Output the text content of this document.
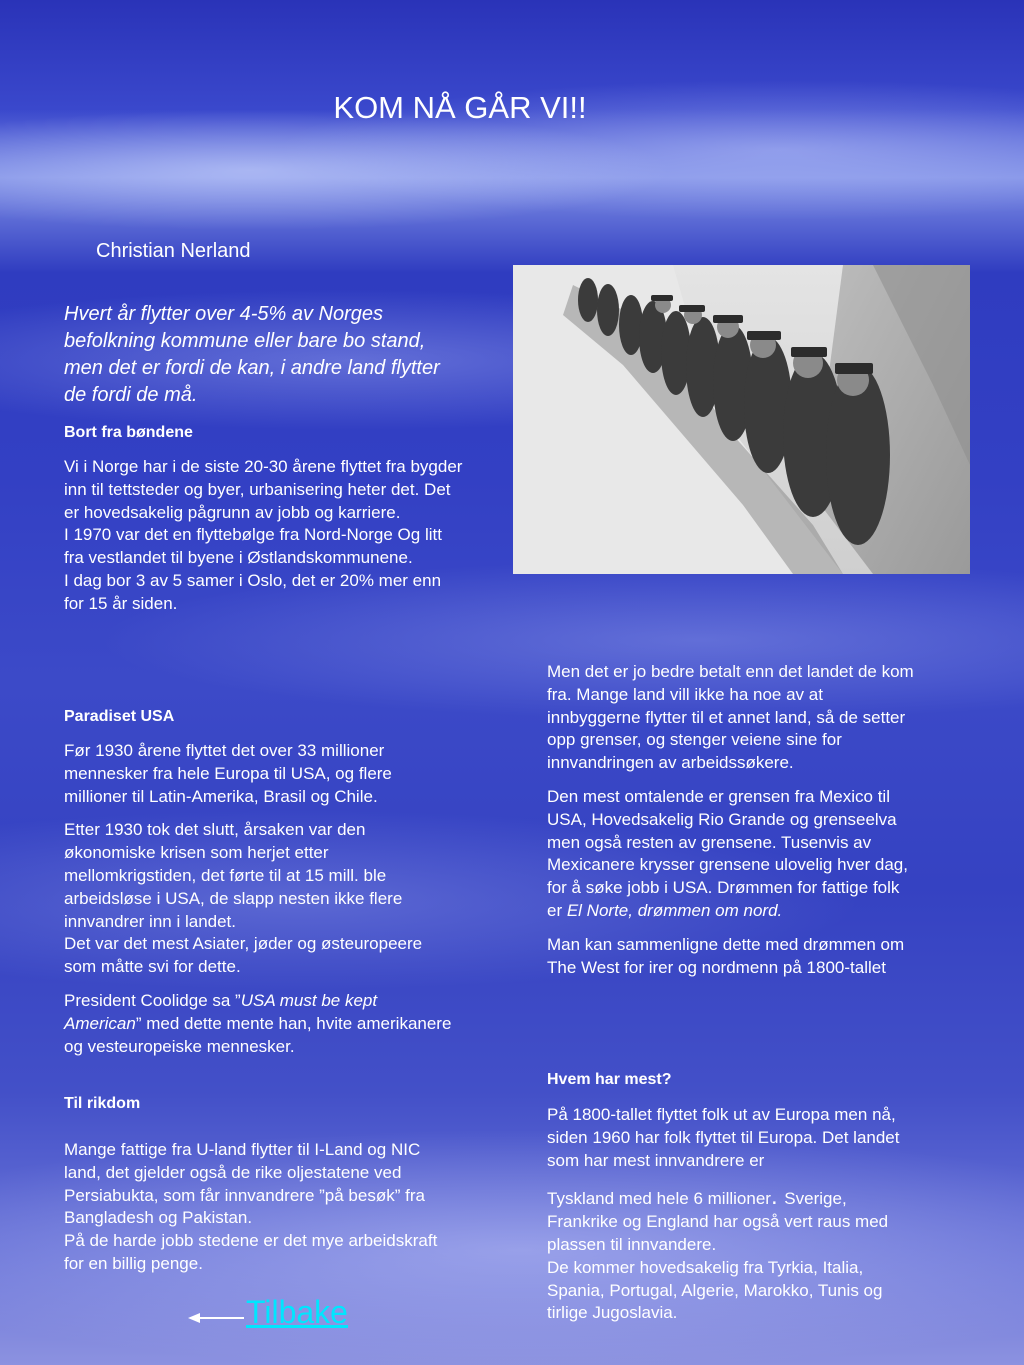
KOM NÅ GÅR VI!!
Christian Nerland
Hvert år flytter over 4-5% av Norges befolkning kommune eller bare bo stand, men det er fordi de kan, i andre land flytter de fordi de må.
Bort fra bøndene

Vi i Norge har i de siste 20-30 årene flyttet fra bygder inn til tettsteder og byer, urbanisering heter det. Det er hovedsakelig pågrunn av jobb og karriere.

I 1970 var det en flyttebølge fra Nord-Norge Og litt fra vestlandet til byene i Østlandskommunene.

I dag bor 3 av 5 samer i Oslo, det er 20% mer enn for 15 år siden.

Paradiset USA

Før 1930 årene flyttet det over 33 millioner mennesker fra hele Europa til USA, og flere millioner til Latin-Amerika, Brasil og Chile.

Etter 1930 tok det slutt, årsaken var den økonomiske krisen som herjet etter mellomkrigstiden, det førte til at 15 mill. ble arbeidsløse i USA, de slapp nesten ikke flere innvandrer inn i landet.

Det var det mest Asiater, jøder og østeuropeere som måtte svi for dette.

President Coolidge sa ”USA must be kept American” med dette mente han, hvite amerikanere og vesteuropeiske mennesker.

Til rikdom

Mange fattige fra U-land flytter til I-Land og NIC land, det gjelder også de rike oljestatene ved Persiabukta, som får innvandrere ”på besøk” fra Bangladesh og Pakistan.

På de harde jobb stedene er det mye arbeidskraft for en billig penge.

Men det er jo bedre betalt enn det landet de kom fra. Mange land vill ikke ha noe av at innbyggerne flytter til et annet land, så de setter opp grenser, og stenger veiene sine for innvandringen av arbeidssøkere.

Den mest omtalende er grensen fra Mexico til USA, Hovedsakelig Rio Grande og grenseelva men også resten av grensene. Tusenvis av Mexicanere krysser grensene ulovelig hver dag, for å søke jobb i USA. Drømmen for fattige folk er El Norte, drømmen om nord.

Man kan sammenligne dette med drømmen om The West for irer og nordmenn på 1800-tallet

Hvem har mest?

På 1800-tallet flyttet folk ut av Europa men nå, siden 1960 har folk flyttet til Europa. Det landet som har mest innvandrere er

Tyskland med hele 6 millioner. Sverige, Frankrike og England har også vert raus med plassen til innvandere.

De kommer hovedsakelig fra Tyrkia, Italia, Spania, Portugal, Algerie, Marokko, Tunis og tirlige Jugoslavia.

Tilbake
